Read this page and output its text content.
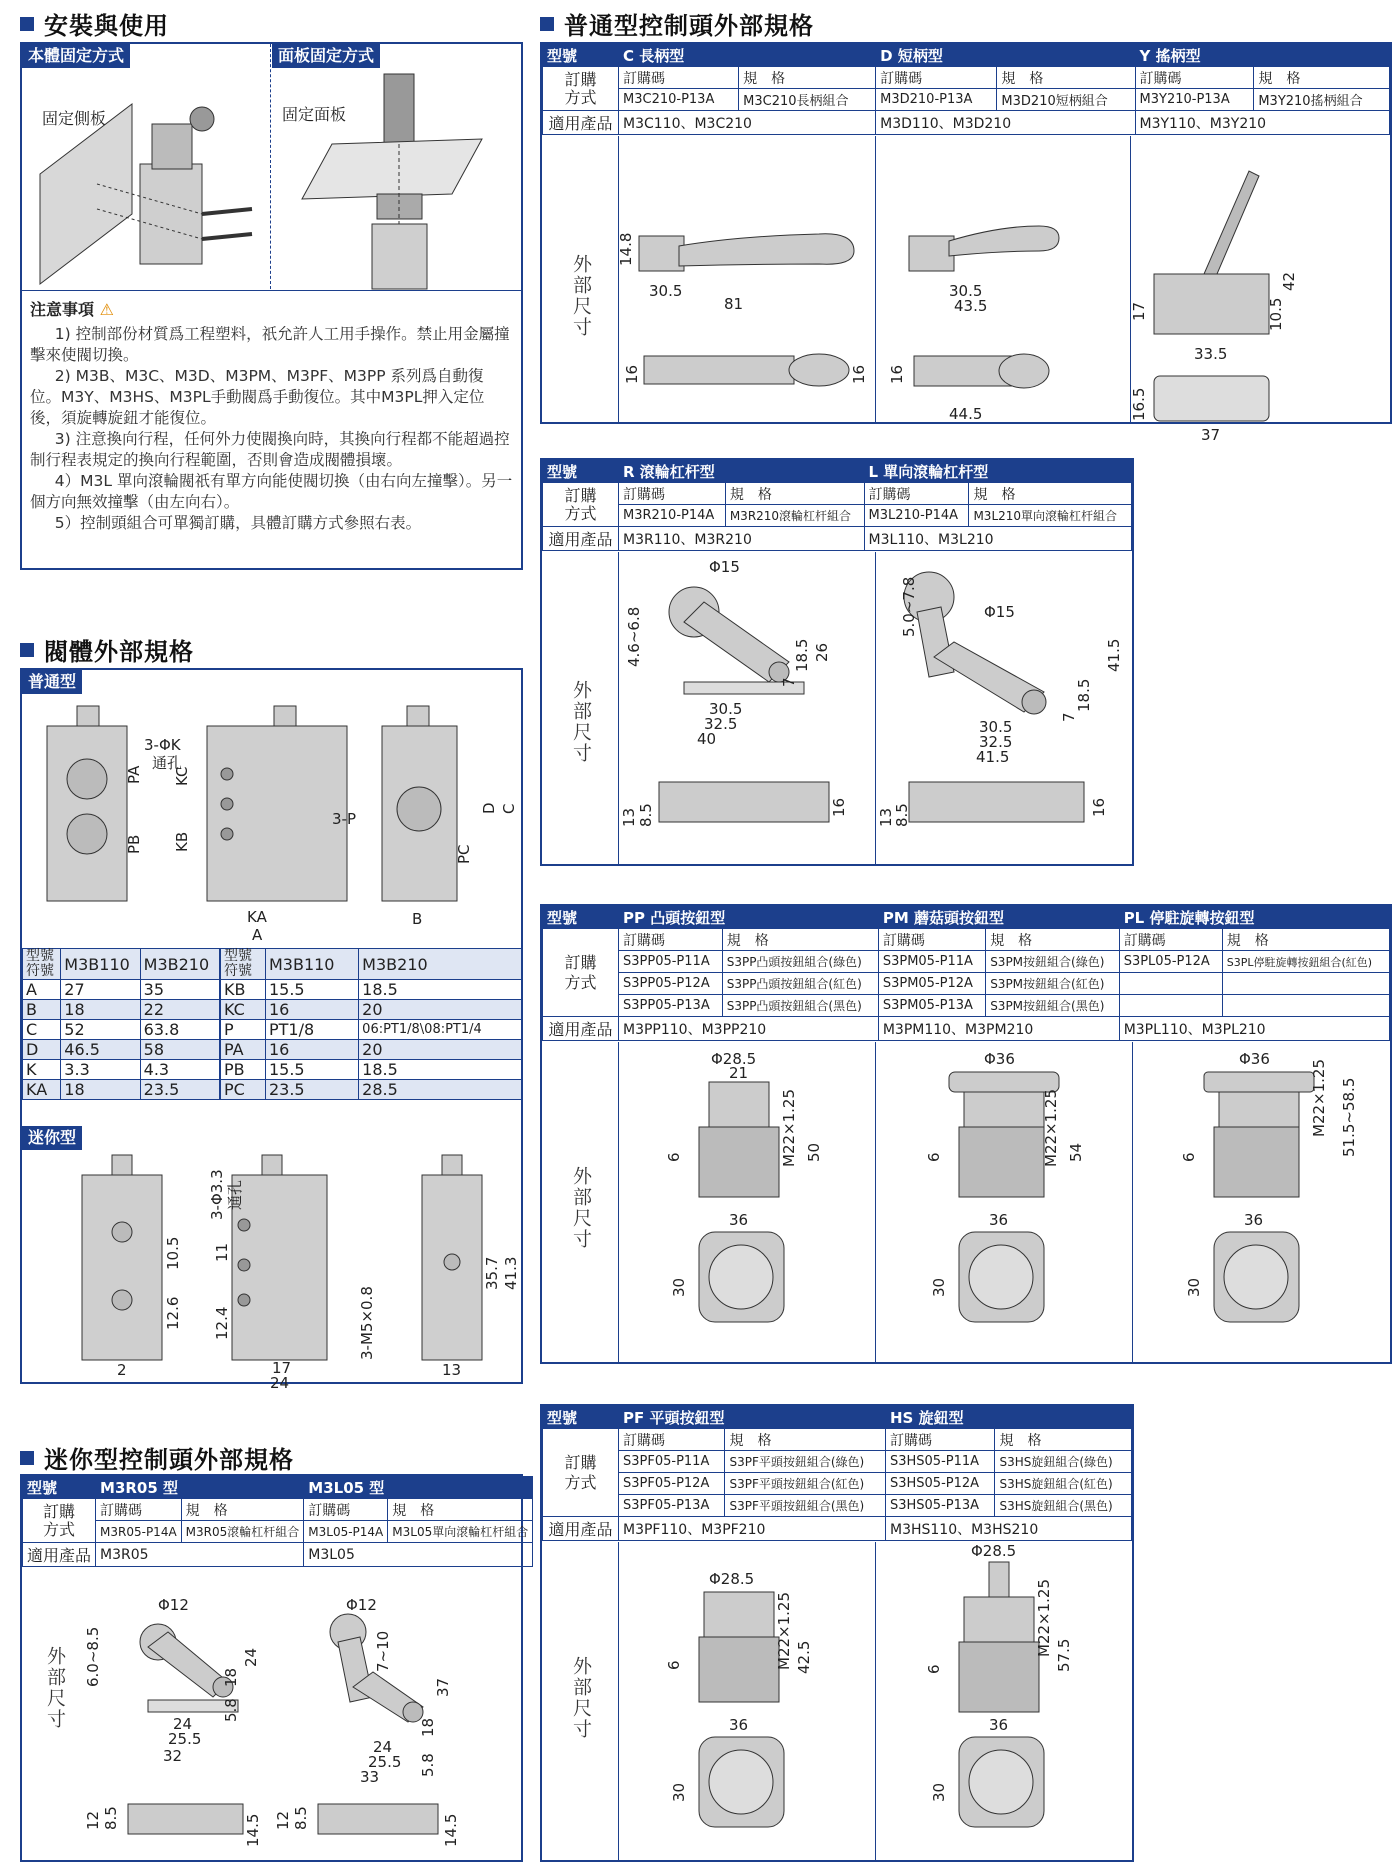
安裝與使用
本體固定方式
固定側板
面板固定方式
固定面板
注意事項 ⚠

1) 控制部份材質爲工程塑料，祇允許人工用手操作。禁止用金屬撞擊來使閥切換。

2) M3B、M3C、M3D、M3PM、M3PF、M3PP 系列爲自動復位。M3Y、M3HS、M3PL手動閥爲手動復位。其中M3PL押入定位後，須旋轉旋鈕才能復位。

3) 注意換向行程，任何外力使閥換向時，其換向行程都不能超過控制行程表規定的換向行程範圍，否則會造成閥體損壞。

4）M3L 單向滾輪閥祇有單方向能使閥切換（由右向左撞擊）。另一個方向無效撞擊（由左向右）。

5）控制頭組合可單獨訂購，具體訂購方式參照右表。

閥體外部規格
普通型
3-ΦK
通孔
3-P
PA
PB
KC
KB
KA
A
B
PC
D C
型號
符號	M3B110	M3B210
A	27	35
B	18	22
C	52	63.8
D	46.5	58
K	3.3	4.3
KA	18	23.5
型號
符號	M3B110	M3B210
KB	15.5	18.5
KC	16	20
P	PT1/8	06:PT1/8\08:PT1/4
PA	16	20
PB	15.5	18.5
PC	23.5	28.5
迷你型
3-Φ3.3 通孔
3-M5×0.8
10.5
12.6
11
12.4
17
24
2	13
35.7 41.3
迷你型控制頭外部規格
型號	M3R05 型		M3L05 型	
訂購
方式	訂購碼	規　格	訂購碼	規　格
	M3R05-P14A	M3R05滾輪杠杆組合	M3L05-P14A	M3L05單向滾輪杠杆組合
適用產品	M3R05		M3L05	
外部尺寸
Φ12
6.0~8.5	18
24
24
25.5
32
5.8
12 8.5	14.5
Φ12
7~10
37
18
24
25.5
33	5.8
12 8.5	14.5
普通型控制頭外部規格
型號	C 長柄型		D 短柄型		Y 搖柄型	
訂購
方式	訂購碼	規　格	訂購碼	規　格	訂購碼	規　格
	M3C210-P13A	M3C210長柄組合	M3D210-P13A	M3D210短柄組合	M3Y210-P13A	M3Y210搖柄組合
適用產品	M3C110、M3C210		M3D110、M3D210		M3Y110、M3Y210	
外部尺寸
14.8
30.5
81
16	16
30.5
43.5
16
44.5
17
42
10.5
33.5
16.5
37
型號	R 滾輪杠杆型		L 單向滾輪杠杆型	
訂購
方式	訂購碼	規　格	訂購碼	規　格
	M3R210-P14A	M3R210滾輪杠杆組合	M3L210-P14A	M3L210單向滾輪杠杆組合
適用產品	M3R110、M3R210		M3L110、M3L210	
外部尺寸
Φ15
4.6~6.8	18.5 26
7
30.5
32.5
40
13 8.5	16
5.0~7.8	Φ15
41.5
18.5
7
30.5
32.5
41.5
13
8.5	16
型號	PP 凸頭按鈕型		PM 蘑菇頭按鈕型		PL 停駐旋轉按鈕型	
訂購
方式	訂購碼	規　格	訂購碼	規　格	訂購碼	規　格
	S3PP05-P11A	S3PP凸頭按鈕組合(綠色)	S3PM05-P11A	S3PM按鈕組合(綠色)	S3PL05-P12A	S3PL停駐旋轉按鈕組合(紅色)
	S3PP05-P12A	S3PP凸頭按鈕組合(紅色)	S3PM05-P12A	S3PM按鈕組合(紅色)		
	S3PP05-P13A	S3PP凸頭按鈕組合(黑色)	S3PM05-P13A	S3PM按鈕組合(黑色)		
適用產品	M3PP110、M3PP210		M3PM110、M3PM210		M3PL110、M3PL210	
外部尺寸
Φ28.5
21
6	M22×1.25 50
36
30
Φ36
6	M22×1.25 54
36
30
Φ36
6
M22×1.25 51.5~58.5
36
30
型號	PF 平頭按鈕型		HS 旋鈕型	
訂購
方式	訂購碼	規　格	訂購碼	規　格
	S3PF05-P11A	S3PF平頭按鈕組合(綠色)	S3HS05-P11A	S3HS旋鈕組合(綠色)
	S3PF05-P12A	S3PF平頭按鈕組合(紅色)	S3HS05-P12A	S3HS旋鈕組合(紅色)
	S3PF05-P13A	S3PF平頭按鈕組合(黑色)	S3HS05-P13A	S3HS旋鈕組合(黑色)
適用產品	M3PF110、M3PF210		M3HS110、M3HS210	
外部尺寸
Φ28.5
6	M22×1.25 42.5
36
30
Φ28.5
6
M22×1.25 57.5
36
30
